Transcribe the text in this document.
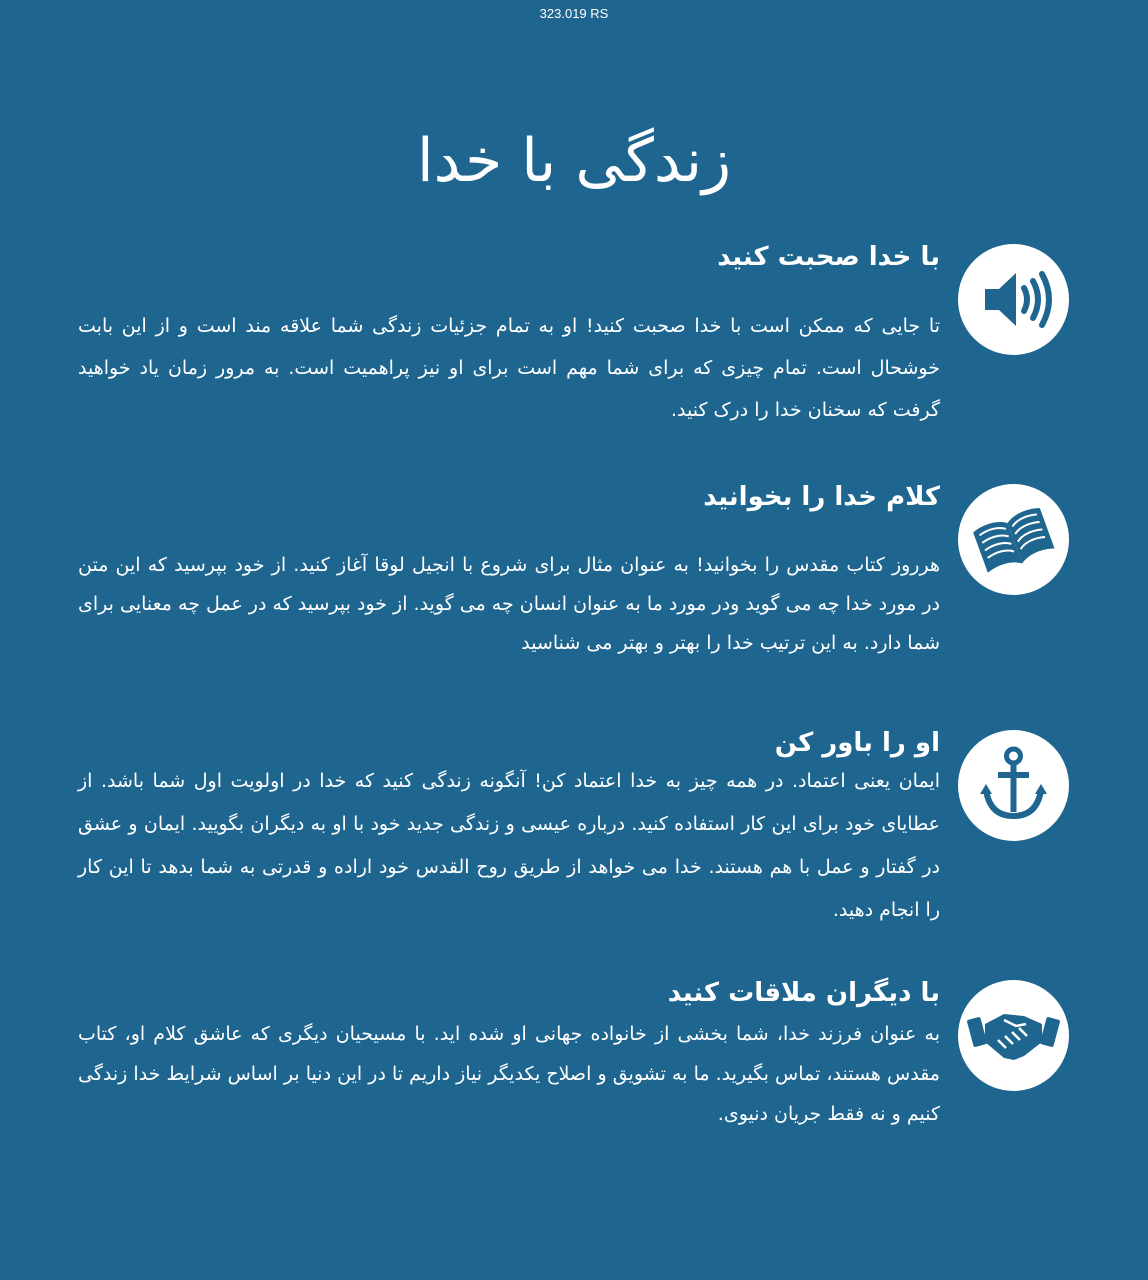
323.019 RS
زندگی با خدا
با خدا صحبت کنید

تا جایی که ممکن است با خدا صحبت کنید! او به تمام جزئیات زندگی شما علاقه مند است و از این بابت خوشحال است. تمام چیزی که برای شما مهم است برای او نیز پراهمیت است. به مرور زمان یاد خواهید گرفت که سخنان خدا را درک کنید.

کلام خدا را بخوانید

هرروز کتاب مقدس را بخوانید! به عنوان مثال برای شروع با انجیل لوقا آغاز کنید. از خود بپرسید که این متن در مورد خدا چه می گوید ودر مورد ما به عنوان انسان چه می گوید. از خود بپرسید که در عمل چه معنایی برای شما دارد. به این ترتیب خدا را بهتر و بهتر می شناسید

او را باور کن

ایمان یعنی اعتماد. در همه چیز به خدا اعتماد کن! آنگونه زندگی کنید که خدا در اولویت اول شما باشد. از عطایای خود برای این کار استفاده کنید. درباره عیسی و زندگی جدید خود با او به دیگران بگویید. ایمان و عشق در گفتار و عمل با هم هستند. خدا می خواهد از طریق روح القدس خود اراده و قدرتی به شما بدهد تا این کار را انجام دهید.

با دیگران ملاقات کنید

به عنوان فرزند خدا، شما بخشی از خانواده جهانی او شده اید. با مسیحیان دیگری که عاشق کلام او، کتاب مقدس هستند، تماس بگیرید. ما به تشویق و اصلاح یکدیگر نیاز داریم تا در این دنیا بر اساس شرایط خدا زندگی کنیم و نه فقط جریان دنیوی.
